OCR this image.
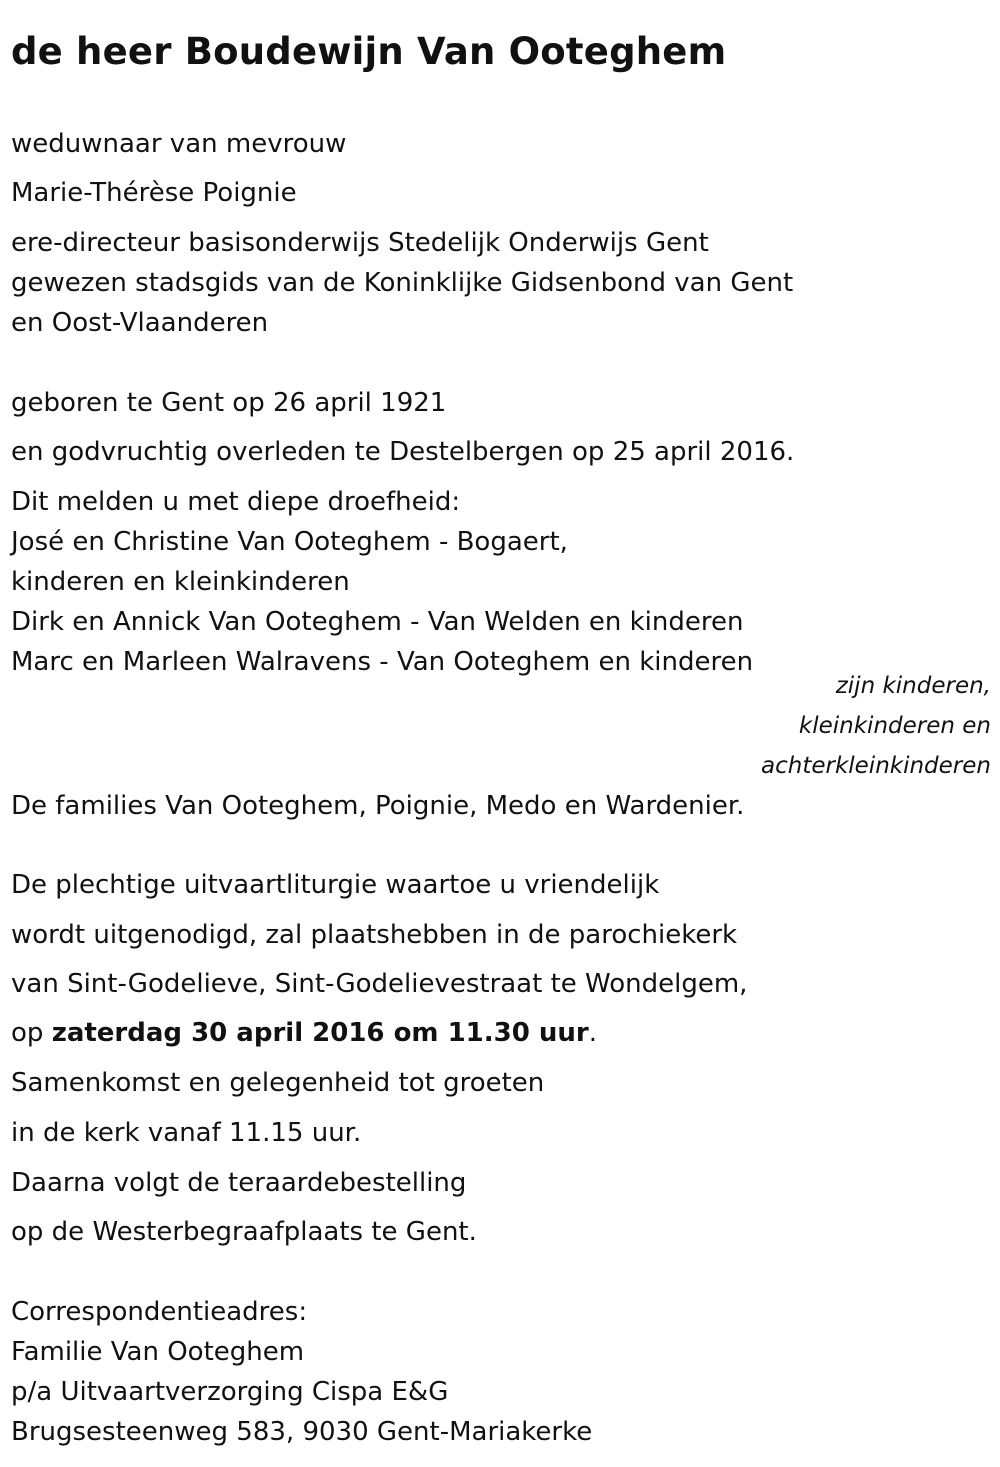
de heer Boudewijn Van Ooteghem
weduwnaar van mevrouw
Marie-Thérèse Poignie
ere-directeur basisonderwijs Stedelijk Onderwijs Gent
gewezen stadsgids van de Koninklijke Gidsenbond van Gent
en Oost-Vlaanderen
geboren te Gent op 26 april 1921
en godvruchtig overleden te Destelbergen op 25 april 2016.
Dit melden u met diepe droefheid:
José en Christine Van Ooteghem - Bogaert,
kinderen en kleinkinderen
Dirk en Annick Van Ooteghem - Van Welden en kinderen
Marc en Marleen Walravens - Van Ooteghem en kinderen
zijn kinderen,
kleinkinderen en
achterkleinkinderen
De families Van Ooteghem, Poignie, Medo en Wardenier.
De plechtige uitvaartliturgie waartoe u vriendelijk
wordt uitgenodigd, zal plaatshebben in de parochiekerk
van Sint-Godelieve, Sint-Godelievestraat te Wondelgem,
op zaterdag 30 april 2016 om 11.30 uur.
Samenkomst en gelegenheid tot groeten
in de kerk vanaf 11.15 uur.
Daarna volgt de teraardebestelling
op de Westerbegraafplaats te Gent.
Correspondentieadres:
Familie Van Ooteghem
p/a Uitvaartverzorging Cispa E&G
Brugsesteenweg 583, 9030 Gent-Mariakerke
